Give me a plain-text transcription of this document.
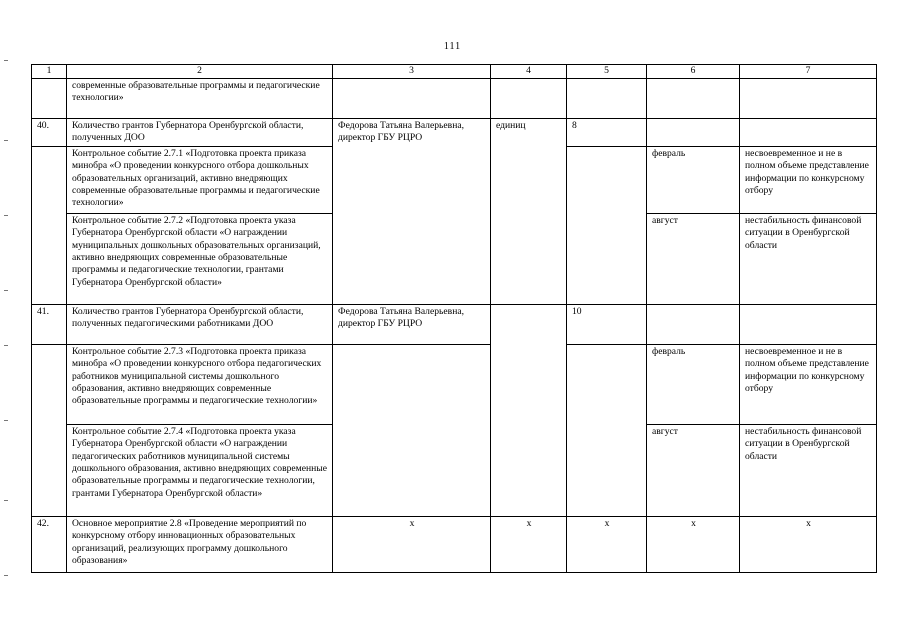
111
1	2	3	4	5	6	7
	современные образовательные программы и педагогические технологии»					
40.	Количество грантов Губернатора Оренбургской области, полученных ДОО	Федорова Татьяна Валерьевна, директор ГБУ РЦРО	единиц	8		
	Контрольное событие 2.7.1 «Подготовка проекта приказа минобра «О проведении конкурсного отбора дошкольных образовательных организаций, активно внедряющих современные образовательные программы и педагогические технологии»				февраль	несвоевременное и не в полном объеме представление информации по конкурсному отбору
	Контрольное событие 2.7.2 «Подготовка проекта указа Губернатора Оренбургской области «О награждении муниципальных дошкольных образовательных организаций, активно внедряющих современные образовательные программы и педагогические технологии, грантами Губернатора Оренбургской области»				август	нестабильность финансовой ситуации в Оренбургской области
41.	Количество грантов Губернатора Оренбургской области, полученных педагогическими работниками ДОО	Федорова Татьяна Валерьевна, директор ГБУ РЦРО		10		
	Контрольное событие 2.7.3 «Подготовка проекта приказа минобра «О проведении конкурсного отбора педагогических работников муниципальной системы дошкольного образования, активно внедряющих современные образовательные программы и педагогические технологии»				февраль	несвоевременное и не в полном объеме представление информации по конкурсному отбору
	Контрольное событие 2.7.4 «Подготовка проекта указа Губернатора Оренбургской области «О награждении педагогических работников муниципальной системы дошкольного образования, активно внедряющих современные образовательные программы и педагогические технологии, грантами Губернатора Оренбургской области»				август	нестабильность финансовой ситуации в Оренбургской области
42.	Основное мероприятие 2.8 «Проведение мероприятий по конкурсному отбору инновационных образовательных организаций, реализующих программу дошкольного образования»	х	х	х	х	х
